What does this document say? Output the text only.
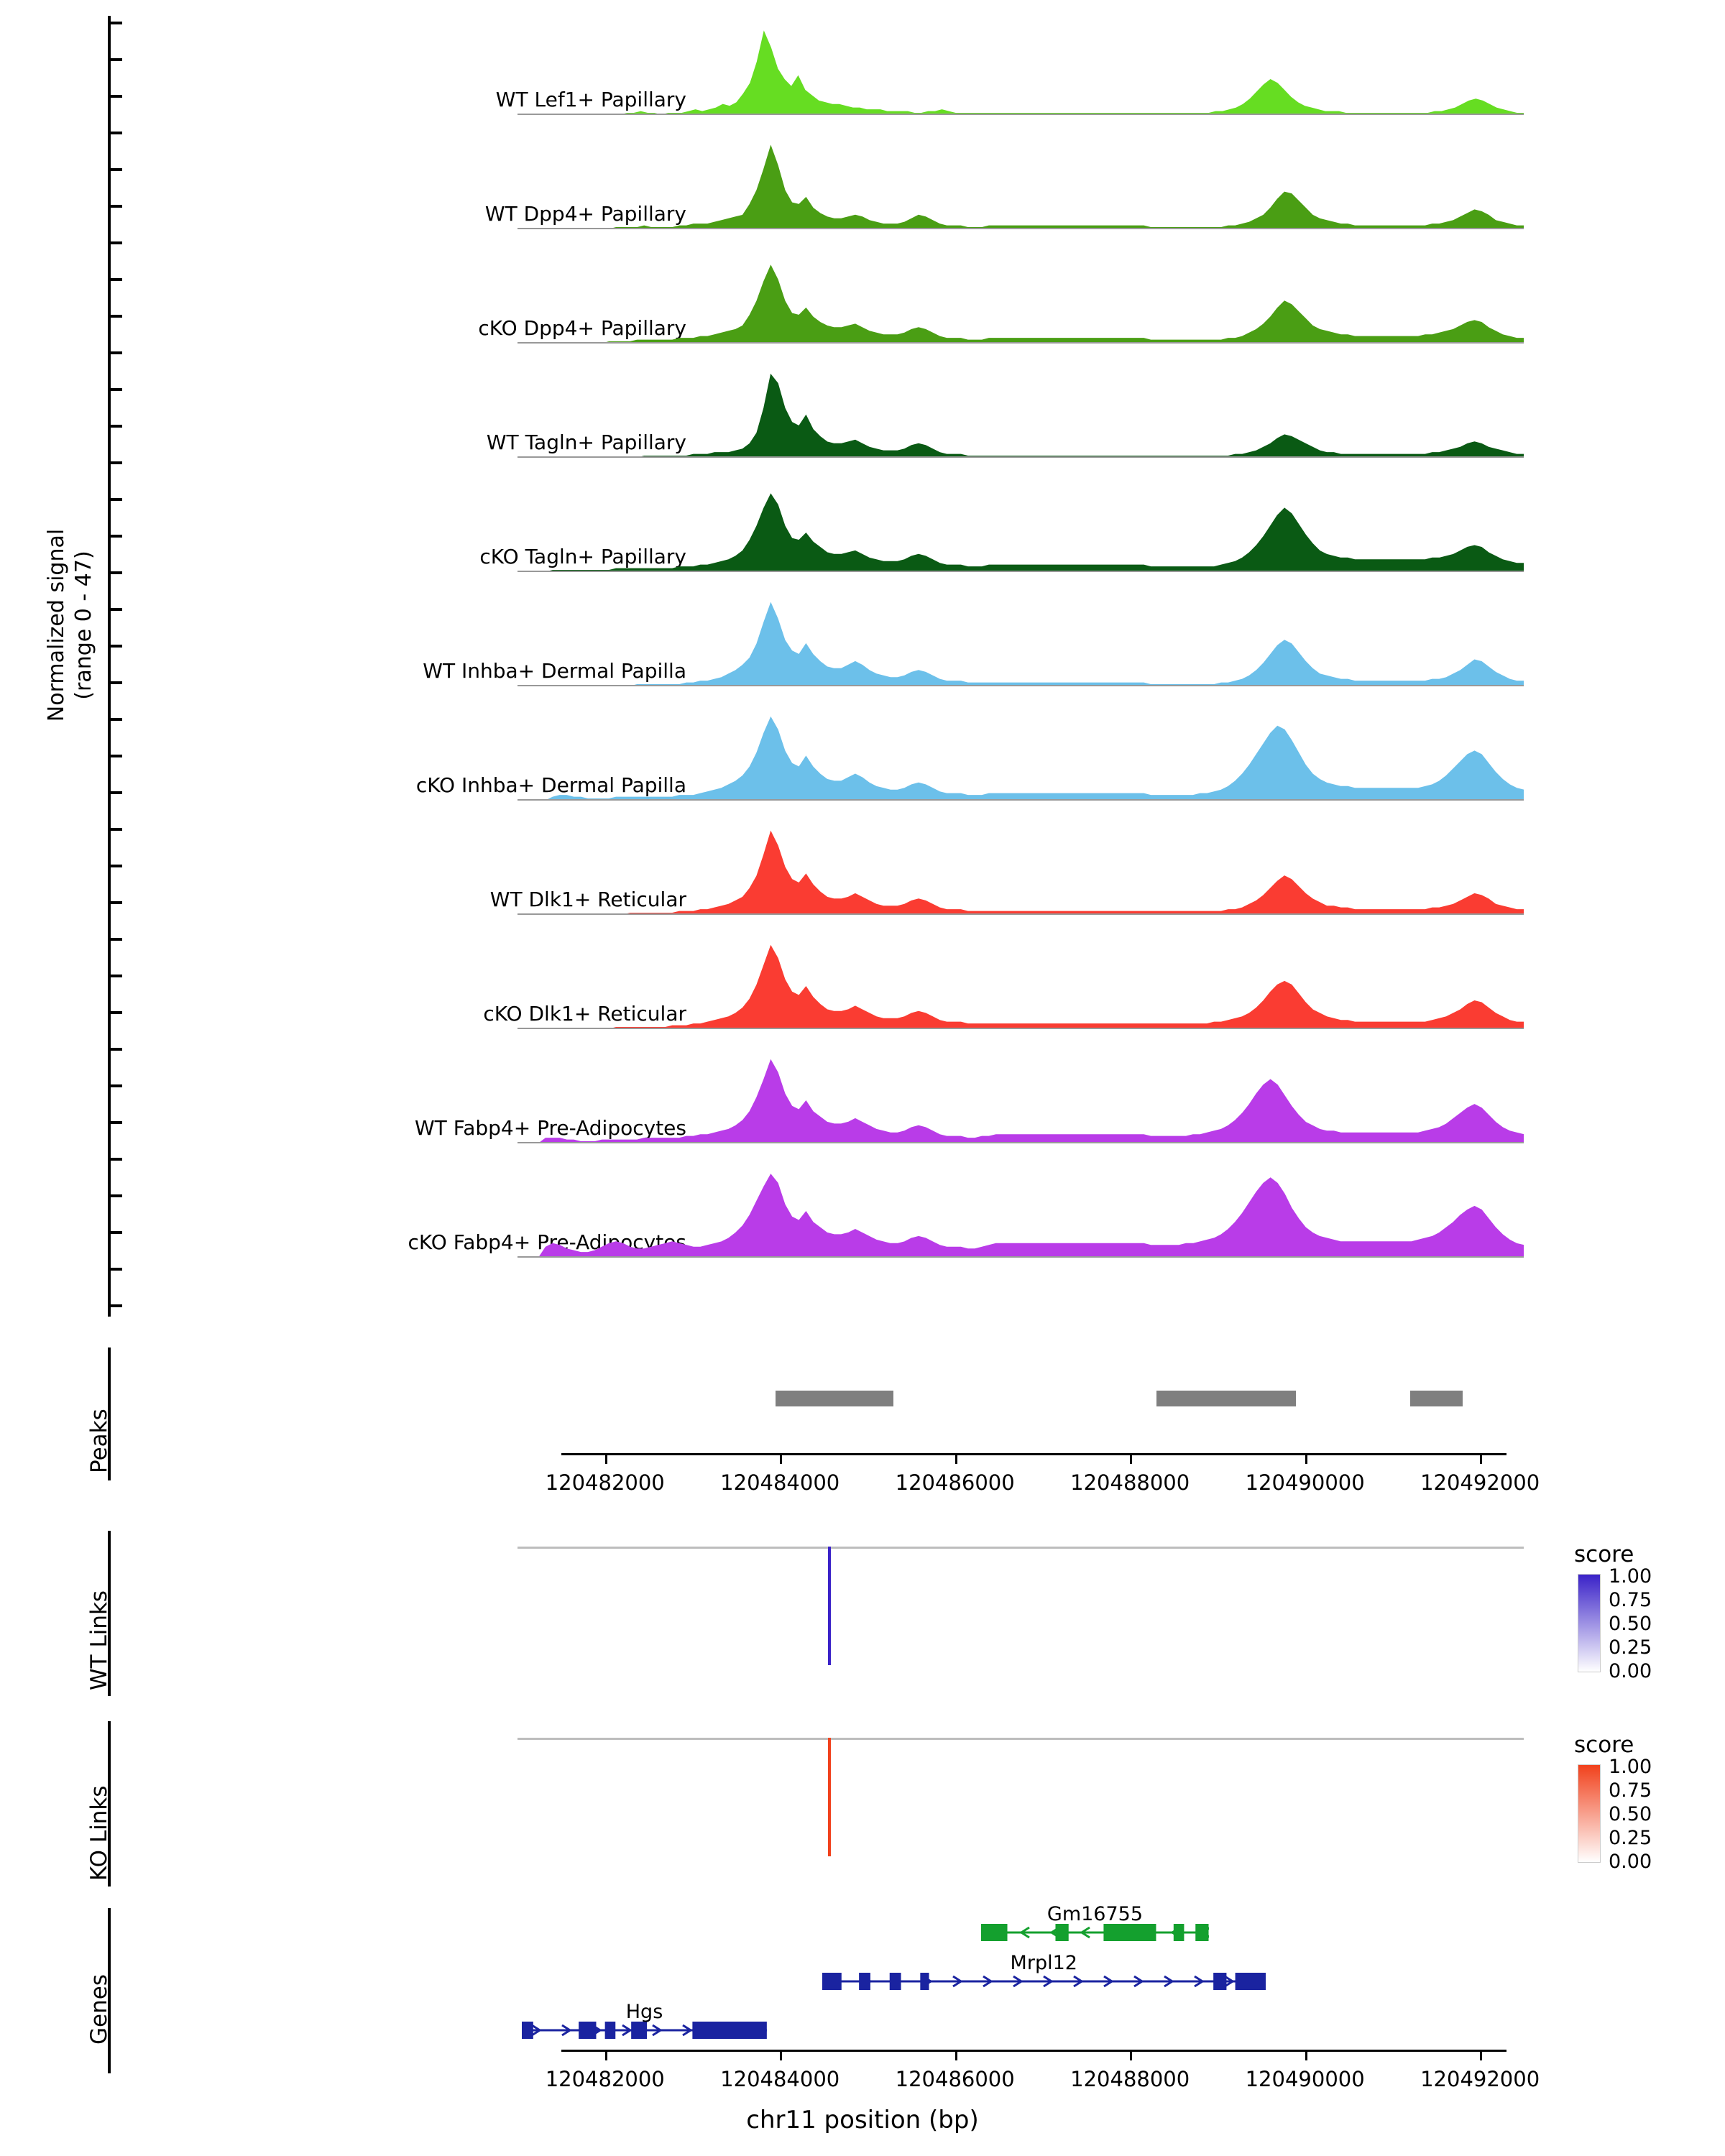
Normalized signal
(range 0 - 47)
WT Lef1+ Papillary
WT Dpp4+ Papillary
cKO Dpp4+ Papillary
WT Tagln+ Papillary
cKO Tagln+ Papillary
WT Inhba+ Dermal Papilla
cKO Inhba+ Dermal Papilla
WT Dlk1+ Reticular
cKO Dlk1+ Reticular
WT Fabp4+ Pre-Adipocytes
cKO Fabp4+ Pre-Adipocytes
Peaks
120482000	120484000	120486000	120488000	120490000	120492000
WT Links
KO Links
Genes
Gm16755
Mrpl12
Hgs
120482000	120484000	120486000	120488000	120490000	120492000
chr11 position (bp)
score
1.00
0.75
0.50
0.25
0.00
score
1.00
0.75
0.50
0.25
0.00
